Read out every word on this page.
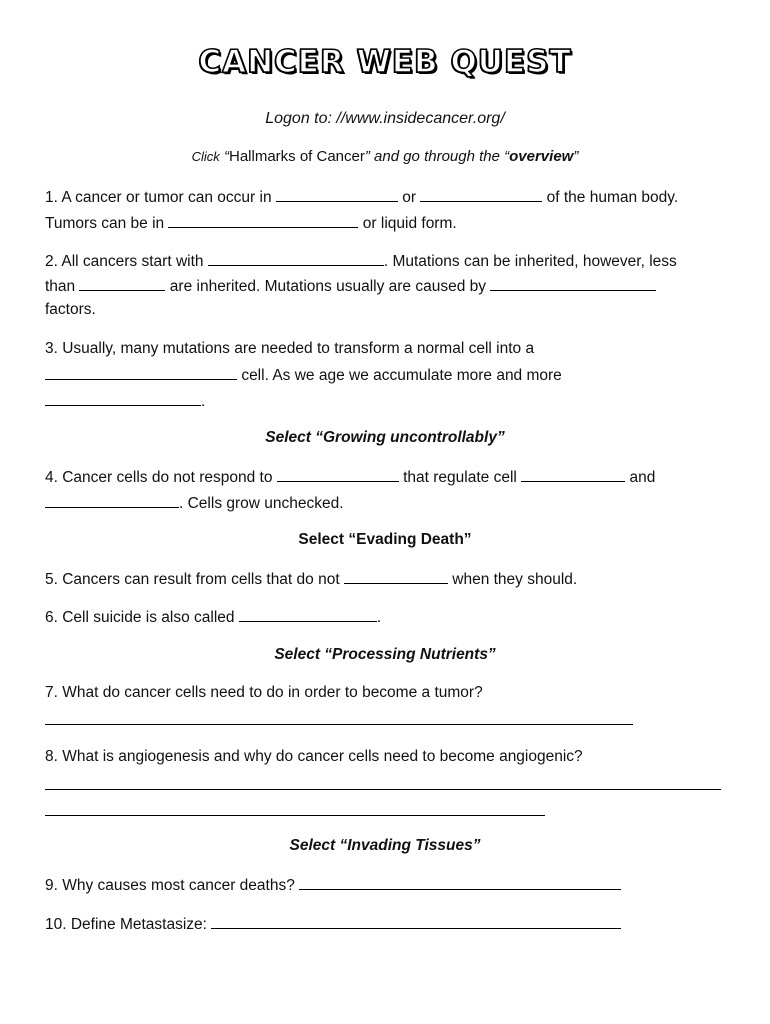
CANCER WEB QUEST
Logon to: //www.insidecancer.org/
Click “Hallmarks of Cancer” and go through the “overview”
1. A cancer or tumor can occur in	or	of the human body.
Tumors can be in	or liquid form.
2. All cancers start with	. Mutations can be inherited, however, less
than	are inherited. Mutations usually are caused by
factors.
3. Usually, many mutations are needed to transform a normal cell into a
cell. As we age we accumulate more and more
.
Select “Growing uncontrollably”
4. Cancer cells do not respond to	that regulate cell	and
. Cells grow unchecked.
Select “Evading Death”
5. Cancers can result from cells that do not	when they should.
6. Cell suicide is also called	.
Select “Processing Nutrients”
7. What do cancer cells need to do in order to become a tumor?
8. What is angiogenesis and why do cancer cells need to become angiogenic?
Select “Invading Tissues”
9. Why causes most cancer deaths?
10. Define Metastasize:
